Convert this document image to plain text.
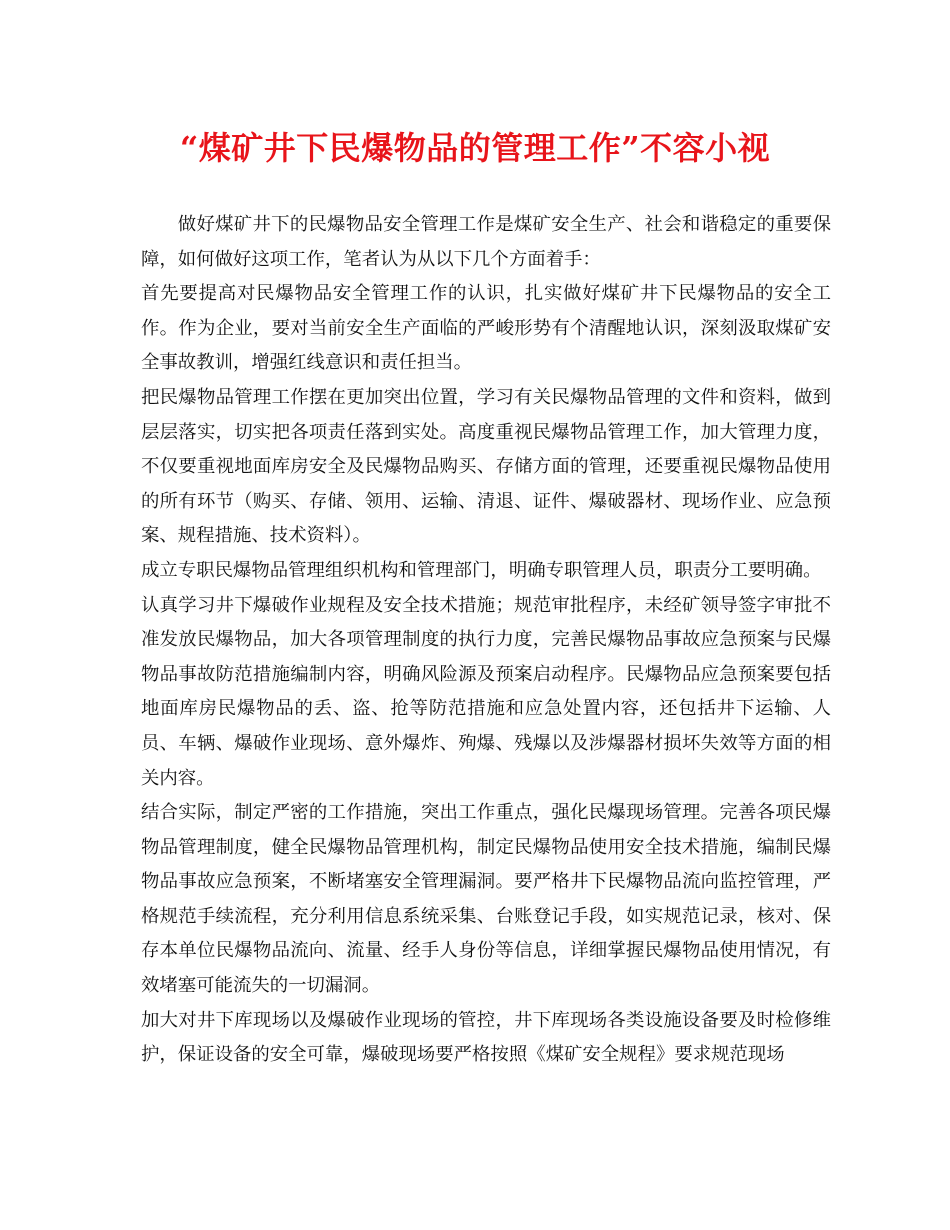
“煤矿井下民爆物品的管理工作”不容小视

做好煤矿井下的民爆物品安全管理工作是煤矿安全生产、社会和谐稳定的重要保障，如何做好这项工作，笔者认为从以下几个方面着手：

首先要提高对民爆物品安全管理工作的认识，扎实做好煤矿井下民爆物品的安全工作。作为企业，要对当前安全生产面临的严峻形势有个清醒地认识，深刻汲取煤矿安全事故教训，增强红线意识和责任担当。

把民爆物品管理工作摆在更加突出位置，学习有关民爆物品管理的文件和资料，做到层层落实，切实把各项责任落到实处。高度重视民爆物品管理工作，加大管理力度，不仅要重视地面库房安全及民爆物品购买、存储方面的管理，还要重视民爆物品使用的所有环节（购买、存储、领用、运输、清退、证件、爆破器材、现场作业、应急预案、规程措施、技术资料）。

成立专职民爆物品管理组织机构和管理部门，明确专职管理人员，职责分工要明确。

认真学习井下爆破作业规程及安全技术措施；规范审批程序，未经矿领导签字审批不准发放民爆物品，加大各项管理制度的执行力度，完善民爆物品事故应急预案与民爆物品事故防范措施编制内容，明确风险源及预案启动程序。民爆物品应急预案要包括地面库房民爆物品的丢、盗、抢等防范措施和应急处置内容，还包括井下运输、人员、车辆、爆破作业现场、意外爆炸、殉爆、残爆以及涉爆器材损坏失效等方面的相关内容。

结合实际，制定严密的工作措施，突出工作重点，强化民爆现场管理。完善各项民爆物品管理制度，健全民爆物品管理机构，制定民爆物品使用安全技术措施，编制民爆物品事故应急预案，不断堵塞安全管理漏洞。要严格井下民爆物品流向监控管理，严格规范手续流程，充分利用信息系统采集、台账登记手段，如实规范记录，核对、保存本单位民爆物品流向、流量、经手人身份等信息，详细掌握民爆物品使用情况，有效堵塞可能流失的一切漏洞。

加大对井下库现场以及爆破作业现场的管控，井下库现场各类设施设备要及时检修维护，保证设备的安全可靠，爆破现场要严格按照《煤矿安全规程》要求规范现场
